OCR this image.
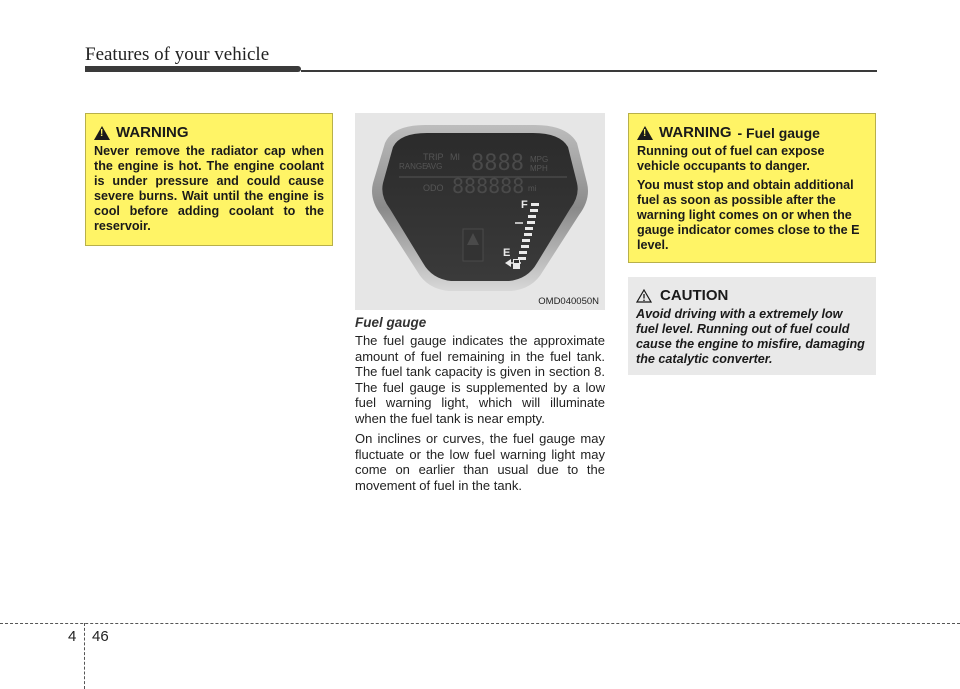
Features of your vehicle
!
WARNING
Never remove the radiator cap when the engine is hot. The engine coolant is under pressure and could cause severe burns. Wait until the engine is cool before adding coolant to the reservoir.
TRIP MI
RANGE
AVG 8888 MPG
MPH
ODO 888888 mi
F
E
OMD040050N
Fuel gauge

The fuel gauge indicates the approximate amount of fuel remaining in the fuel tank. The fuel tank capacity is given in section 8. The fuel gauge is supplemented by a low fuel warning light, which will illuminate when the fuel tank is near empty.

On inclines or curves, the fuel gauge may fluctuate or the low fuel warning light may come on earlier than usual due to the movement of fuel in the tank.

!
WARNING - Fuel gauge

Running out of fuel can expose vehicle occupants to danger.

You must stop and obtain additional fuel as soon as possible after the warning light comes on or when the gauge indicator comes close to the E level.

CAUTION
Avoid driving with a extremely low fuel level. Running out of fuel could cause the engine to misfire, damaging the catalytic converter.
4 46
